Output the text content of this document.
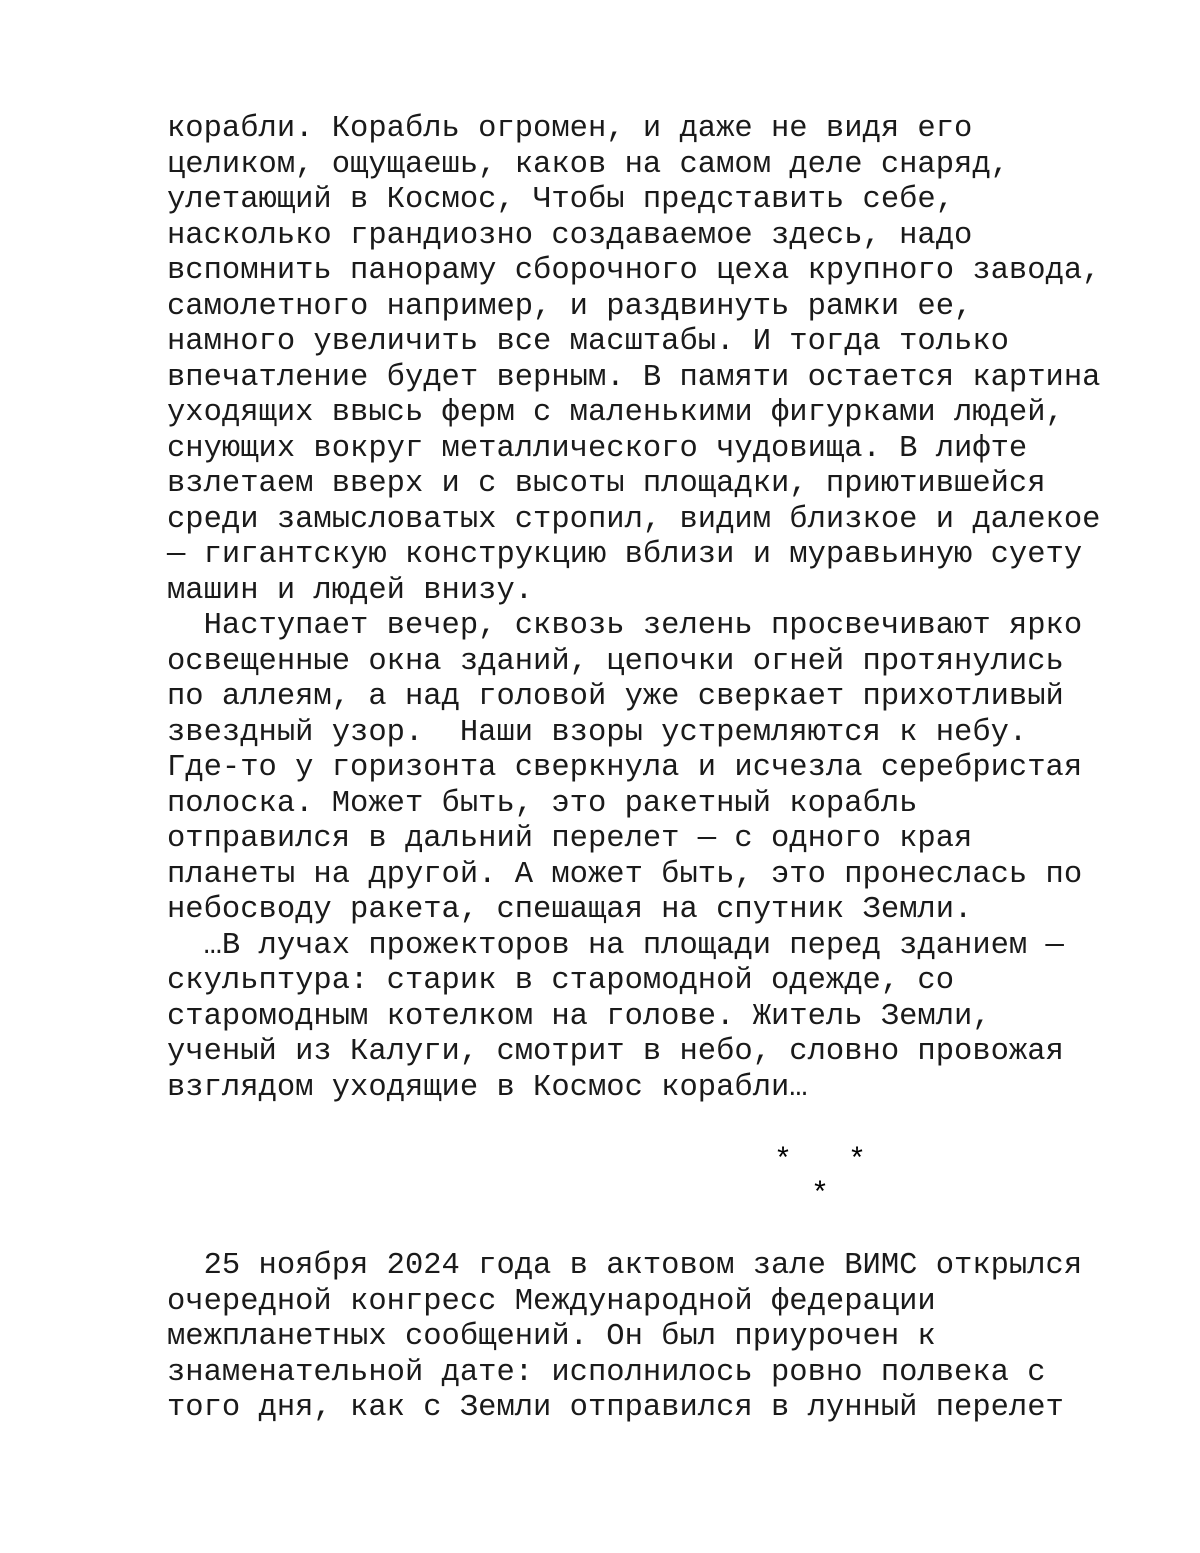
корабли. Корабль огромен, и даже не видя его
целиком, ощущаешь, каков на самом деле снаряд,
улетающий в Космос, Чтобы представить себе,
насколько грандиозно создаваемое здесь, надо
вспомнить панораму сборочного цеха крупного завода,
самолетного например, и раздвинуть рамки ее,
намного увеличить все масштабы. И тогда только
впечатление будет верным. В памяти остается картина
уходящих ввысь ферм с маленькими фигурками людей,
снующих вокруг металлического чудовища. В лифте
взлетаем вверх и с высоты площадки, приютившейся
среди замысловатых стропил, видим близкое и далекое
— гигантскую конструкцию вблизи и муравьиную суету
машин и людей внизу.
Наступает вечер, сквозь зелень просвечивают ярко
освещенные окна зданий, цепочки огней протянулись
по аллеям, а над головой уже сверкает прихотливый
звездный узор.  Наши взоры устремляются к небу.
Где-то у горизонта сверкнула и исчезла серебристая
полоска. Может быть, это ракетный корабль
отправился в дальний перелет — с одного края
планеты на другой. А может быть, это пронеслась по
небосводу ракета, спешащая на спутник Земли.
…В лучах прожекторов на площади перед зданием —
скульптура: старик в старомодной одежде, со
старомодным котелком на голове. Житель Земли,
ученый из Калуги, смотрит в небо, словно провожая
взглядом уходящие в Космос корабли…
* *
*
25 ноября 2024 года в актовом зале ВИМС открылся
очередной конгресс Международной федерации
межпланетных сообщений. Он был приурочен к
знаменательной дате: исполнилось ровно полвека с
того дня, как с Земли отправился в лунный перелет
